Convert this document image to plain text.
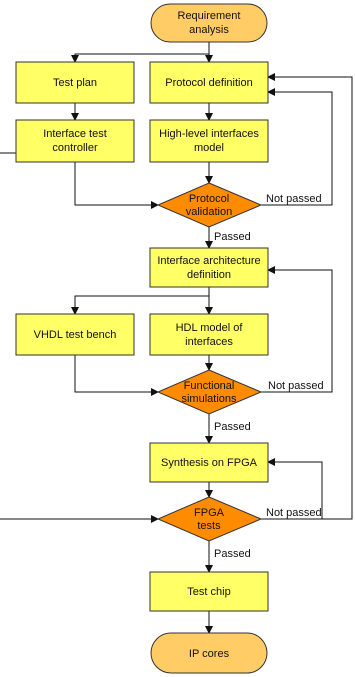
Requirement
analysis
Test plan	Protocol definition
Interface test
controller
High-level interfaces
model
Protocol
validation
Not passed
Passed
Interface architecture
definition
VHDL test bench
HDL model of
interfaces
Functional
simulations
Not passed
Passed
Synthesis on FPGA
FPGA
tests
Not passed
Passed
Test chip
IP cores
